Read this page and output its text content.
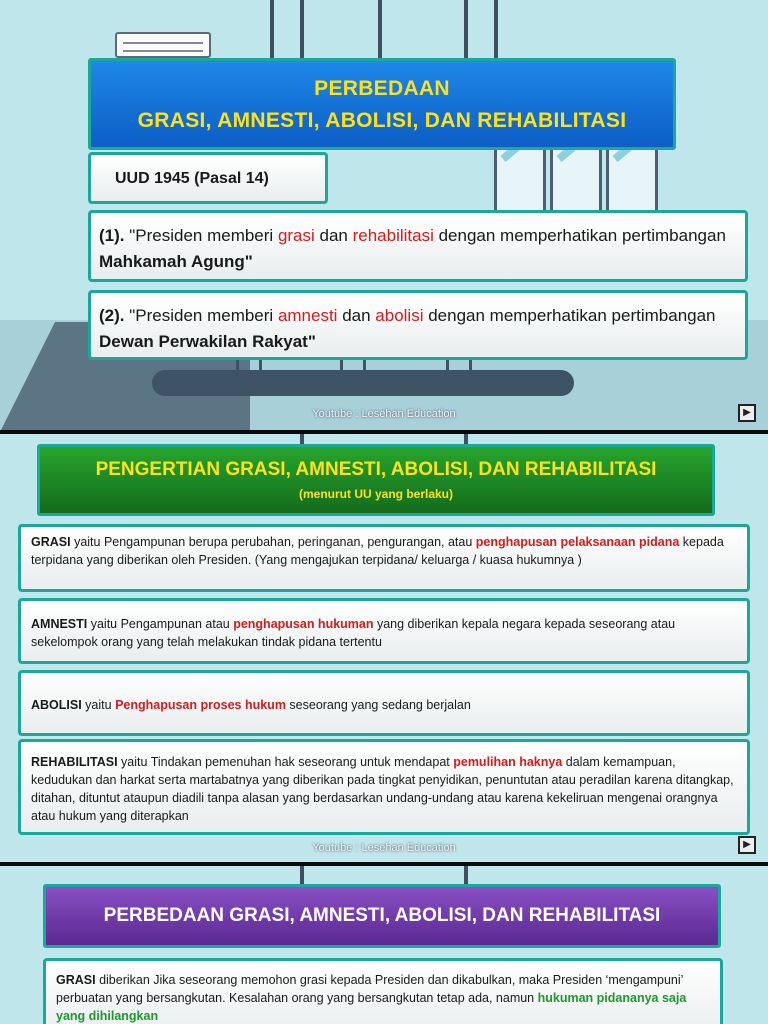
PERBEDAAN
GRASI, AMNESTI, ABOLISI, DAN REHABILITASI
UUD 1945 (Pasal 14)
(1). "Presiden memberi grasi dan rehabilitasi dengan memperhatikan pertimbangan Mahkamah Agung"
(2). "Presiden memberi amnesti dan abolisi dengan memperhatikan pertimbangan Dewan Perwakilan Rakyat"
Youtube : Lesehan Education	▶
PENGERTIAN GRASI, AMNESTI, ABOLISI, DAN REHABILITASI
(menurut UU yang berlaku)
GRASI yaitu Pengampunan berupa perubahan, peringanan, pengurangan, atau penghapusan pelaksanaan pidana kepada terpidana yang diberikan oleh Presiden. (Yang mengajukan terpidana/ keluarga / kuasa hukumnya )
AMNESTI yaitu Pengampunan atau penghapusan hukuman yang diberikan kepala negara kepada seseorang atau sekelompok orang yang telah melakukan tindak pidana tertentu
ABOLISI yaitu Penghapusan proses hukum seseorang yang sedang berjalan
REHABILITASI yaitu Tindakan pemenuhan hak seseorang untuk mendapat pemulihan haknya dalam kemampuan, kedudukan dan harkat serta martabatnya yang diberikan pada tingkat penyidikan, penuntutan atau peradilan karena ditangkap, ditahan, dituntut ataupun diadili tanpa alasan yang berdasarkan undang-undang atau karena kekeliruan mengenai orangnya atau hukum yang diterapkan
Youtube : Lesehan Education	▶
PERBEDAAN GRASI, AMNESTI, ABOLISI, DAN REHABILITASI
GRASI diberikan Jika seseorang memohon grasi kepada Presiden dan dikabulkan, maka Presiden ‘mengampuni’ perbuatan yang bersangkutan. Kesalahan orang yang bersangkutan tetap ada, namun hukuman pidananya saja yang dihilangkan
